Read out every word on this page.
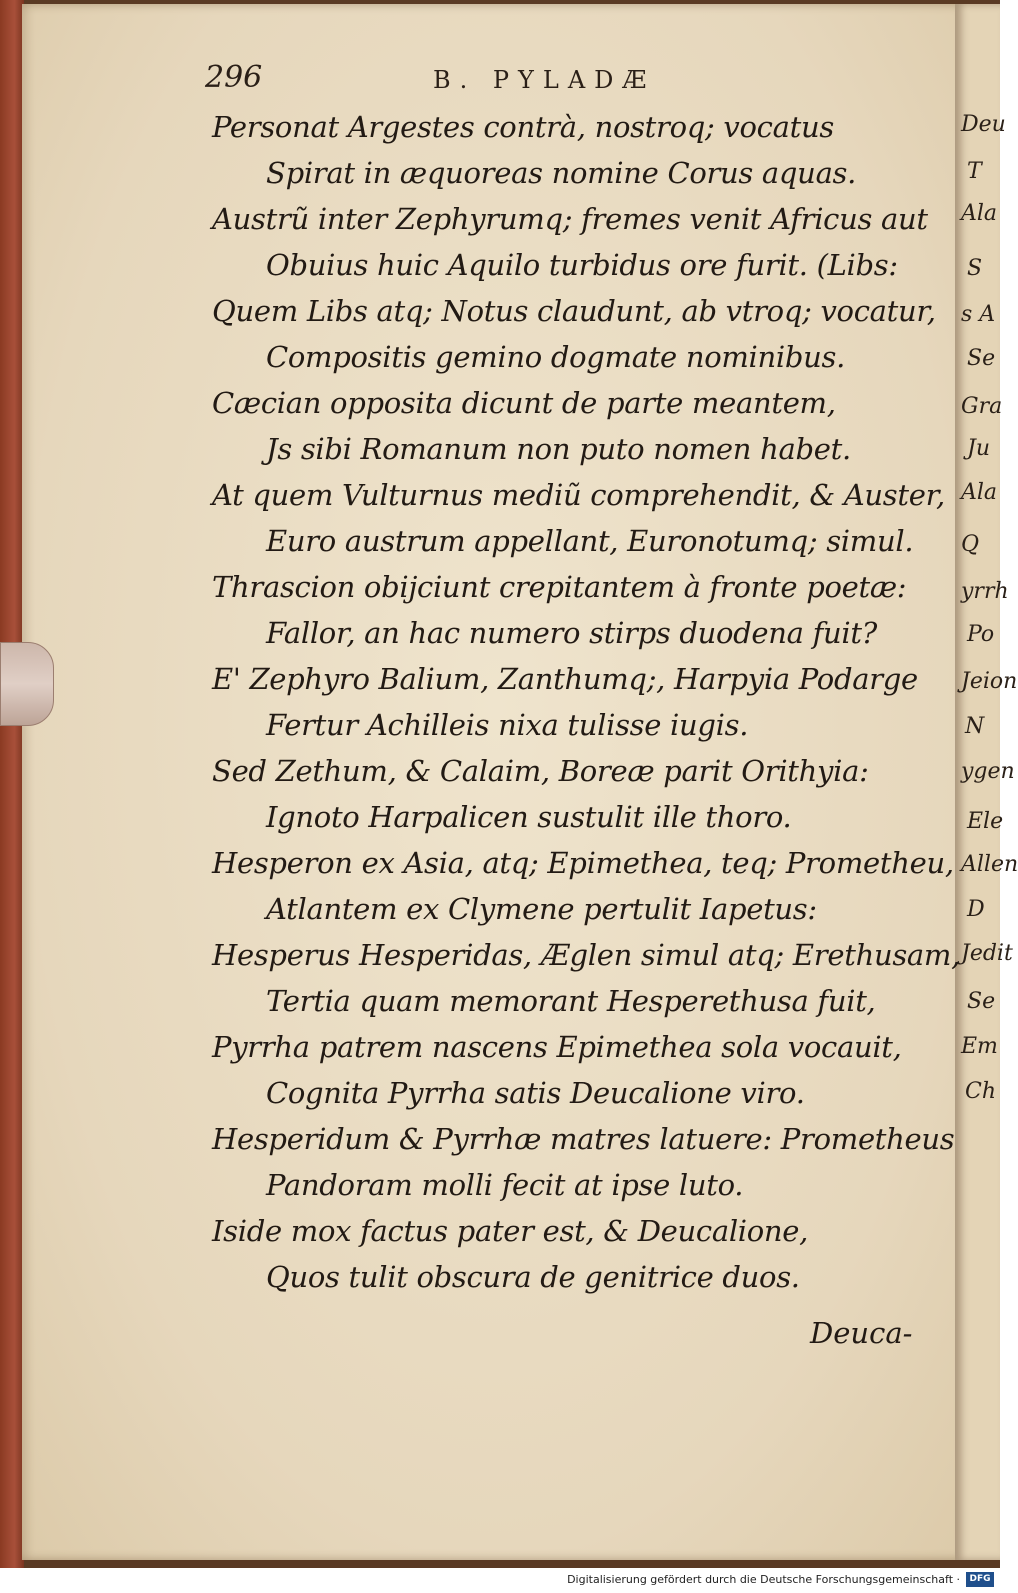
Deu
T
Ala
S
s A
Se
Gra
Ju
Ala
Q
yrrh
Po
Jeion
N
ygen
Ele
Allen
D
Jedit
Se
Em
Ch
296	B. PYLADÆ
Personat Argestes contrà, nostroq; vocatus
Spirat in æquoreas nomine Corus aquas.
Austrũ inter Zephyrumq; fremes venit Africus aut
Obuius huic Aquilo turbidus ore furit. (Libs:
Quem Libs atq; Notus claudunt, ab vtroq; vocatur,
Compositis gemino dogmate nominibus.
Cæcian opposita dicunt de parte meantem,
Js sibi Romanum non puto nomen habet.
At quem Vulturnus mediũ comprehendit, & Auster,
Euro austrum appellant, Euronotumq; simul.
Thrascion obijciunt crepitantem à fronte poetæ:
Fallor, an hac numero stirps duodena fuit?
E' Zephyro Balium, Zanthumq;, Harpyia Podarge
Fertur Achilleis nixa tulisse iugis.
Sed Zethum, & Calaim, Boreæ parit Orithyia:
Ignoto Harpalicen sustulit ille thoro.
Hesperon ex Asia, atq; Epimethea, teq; Prometheu,
Atlantem ex Clymene pertulit Iapetus:
Hesperus Hesperidas, Æglen simul atq; Erethusam,
Tertia quam memorant Hesperethusa fuit,
Pyrrha patrem nascens Epimethea sola vocauit,
Cognita Pyrrha satis Deucalione viro.
Hesperidum & Pyrrhæ matres latuere: Prometheus
Pandoram molli fecit at ipse luto.
Iside mox factus pater est, & Deucalione,
Quos tulit obscura de genitrice duos.
Deuca-
Digitalisierung gefördert durch die Deutsche Forschungsgemeinschaft ·	DFG
